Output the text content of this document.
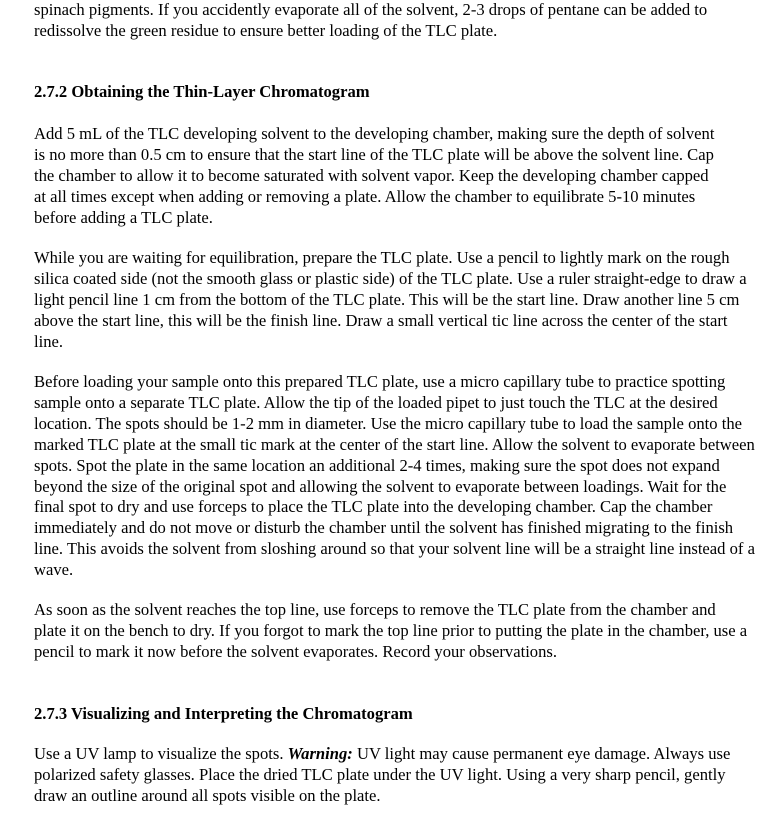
spinach pigments. If you accidently evaporate all of the solvent, 2-3 drops of pentane can be added to redissolve the green residue to ensure better loading of the TLC plate.

2.7.2 Obtaining the Thin-Layer Chromatogram

Add 5 mL of the TLC developing solvent to the developing chamber, making sure the depth of solvent is no more than 0.5 cm to ensure that the start line of the TLC plate will be above the solvent line. Cap the chamber to allow it to become saturated with solvent vapor. Keep the developing chamber capped at all times except when adding or removing a plate. Allow the chamber to equilibrate 5-10 minutes before adding a TLC plate.

While you are waiting for equilibration, prepare the TLC plate. Use a pencil to lightly mark on the rough silica coated side (not the smooth glass or plastic side) of the TLC plate. Use a ruler straight-edge to draw a light pencil line 1 cm from the bottom of the TLC plate. This will be the start line. Draw another line 5 cm above the start line, this will be the finish line. Draw a small vertical tic line across the center of the start line.

Before loading your sample onto this prepared TLC plate, use a micro capillary tube to practice spotting sample onto a separate TLC plate. Allow the tip of the loaded pipet to just touch the TLC at the desired location. The spots should be 1-2 mm in diameter. Use the micro capillary tube to load the sample onto the marked TLC plate at the small tic mark at the center of the start line. Allow the solvent to evaporate between spots. Spot the plate in the same location an additional 2-4 times, making sure the spot does not expand beyond the size of the original spot and allowing the solvent to evaporate between loadings. Wait for the final spot to dry and use forceps to place the TLC plate into the developing chamber. Cap the chamber immediately and do not move or disturb the chamber until the solvent has finished migrating to the finish line. This avoids the solvent from sloshing around so that your solvent line will be a straight line instead of a wave.

As soon as the solvent reaches the top line, use forceps to remove the TLC plate from the chamber and plate it on the bench to dry. If you forgot to mark the top line prior to putting the plate in the chamber, use a pencil to mark it now before the solvent evaporates. Record your observations.

2.7.3 Visualizing and Interpreting the Chromatogram

Use a UV lamp to visualize the spots. Warning: UV light may cause permanent eye damage. Always use polarized safety glasses. Place the dried TLC plate under the UV light. Using a very sharp pencil, gently draw an outline around all spots visible on the plate.
